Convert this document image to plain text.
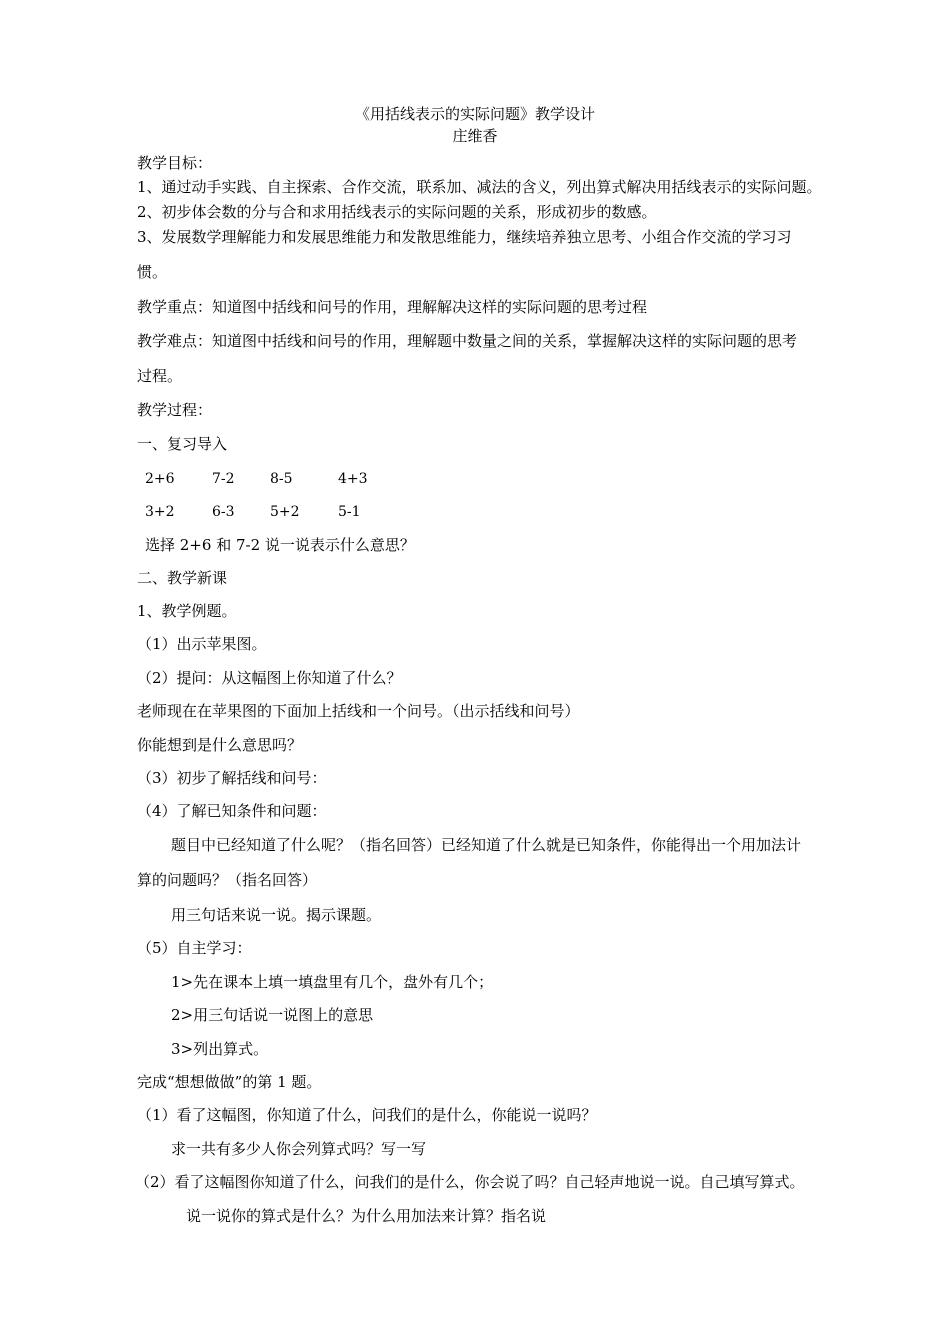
《用括线表示的实际问题》教学设计

庄维香

教学目标：

1、通过动手实践、自主探索、合作交流，联系加、减法的含义，列出算式解决用括线表示的实际问题。

2、初步体会数的分与合和求用括线表示的实际问题的关系，形成初步的数感。

3、发展数学理解能力和发展思维能力和发散思维能力，继续培养独立思考、小组合作交流的学习习

惯。

教学重点：知道图中括线和问号的作用，理解解决这样的实际问题的思考过程

教学难点：知道图中括线和问号的作用，理解题中数量之间的关系，掌握解决这样的实际问题的思考

过程。

教学过程：

一、复习导入

2+6	7-2	8-5	4+3
3+2	6-3	5+2	5-1

选择 2+6 和 7-2 说一说表示什么意思？

二、教学新课

1、教学例题。

（1）出示苹果图。

（2）提问：从这幅图上你知道了什么？

老师现在在苹果图的下面加上括线和一个问号。（出示括线和问号）

你能想到是什么意思吗？

（3）初步了解括线和问号：

（4）了解已知条件和问题：

题目中已经知道了什么呢？（指名回答）已经知道了什么就是已知条件，你能得出一个用加法计

算的问题吗？（指名回答）

用三句话来说一说。揭示课题。

（5）自主学习：

1>先在课本上填一填盘里有几个，盘外有几个；

2>用三句话说一说图上的意思

3>列出算式。

完成“想想做做”的第 1 题。

（1）看了这幅图，你知道了什么，问我们的是什么，你能说一说吗？

求一共有多少人你会列算式吗？写一写

（2）看了这幅图你知道了什么，问我们的是什么，你会说了吗？自己轻声地说一说。自己填写算式。

说一说你的算式是什么？为什么用加法来计算？指名说
